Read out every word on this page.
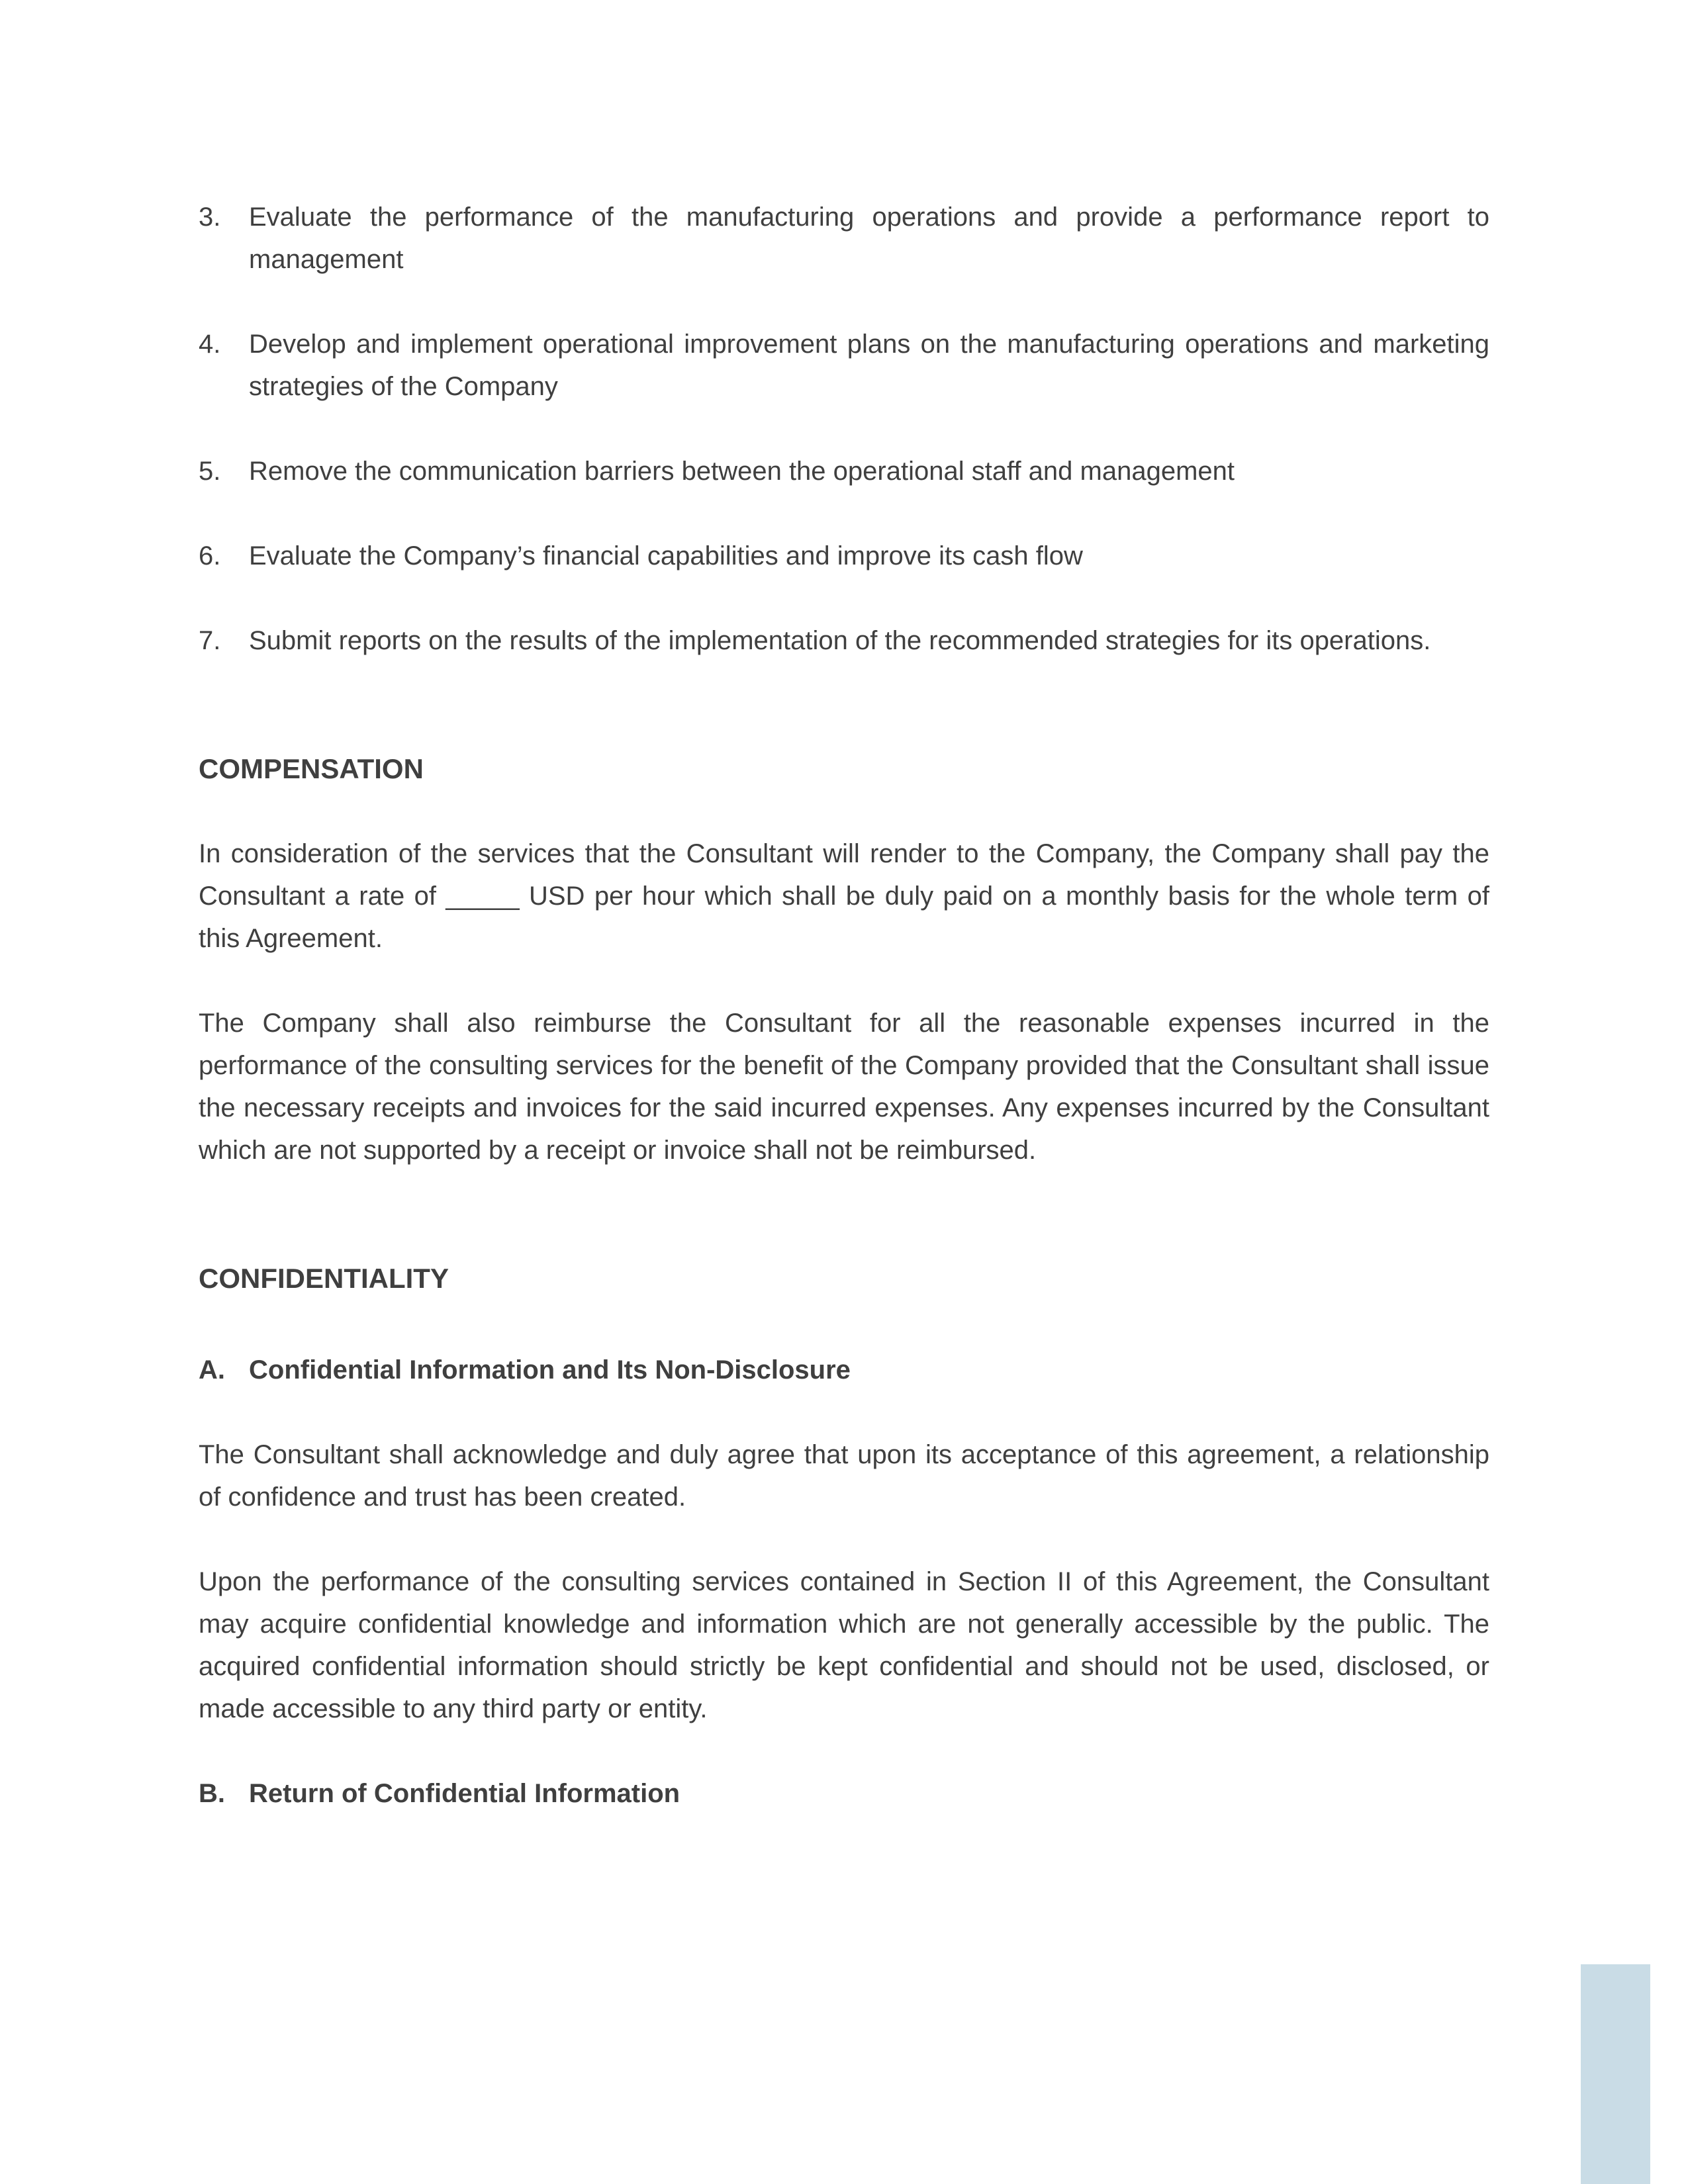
3.	Evaluate the performance of the manufacturing operations and provide a performance report to management
4.	Develop and implement operational improvement plans on the manufacturing operations and marketing strategies of the Company
5.	Remove the communication barriers between the operational staff and management
6.	Evaluate the Company’s financial capabilities and improve its cash flow
7.	Submit reports on the results of the implementation of the recommended strategies for its operations.
COMPENSATION

In consideration of the services that the Consultant will render to the Company, the Company shall pay the Consultant a rate of _____ USD per hour which shall be duly paid on a monthly basis for the whole term of this Agreement.

The Company shall also reimburse the Consultant for all the reasonable expenses incurred in the performance of the consulting services for the benefit of the Company provided that the Consultant shall issue the necessary receipts and invoices for the said incurred expenses. Any expenses incurred by the Consultant which are not supported by a receipt or invoice shall not be reimbursed.

CONFIDENTIALITY
A. Confidential Information and Its Non-Disclosure

The Consultant shall acknowledge and duly agree that upon its acceptance of this agreement, a relationship of confidence and trust has been created.

Upon the performance of the consulting services contained in Section II of this Agreement, the Consultant may acquire confidential knowledge and information which are not generally accessible by the public. The acquired confidential information should strictly be kept confidential and should not be used, disclosed, or made accessible to any third party or entity.

B. Return of Confidential Information
